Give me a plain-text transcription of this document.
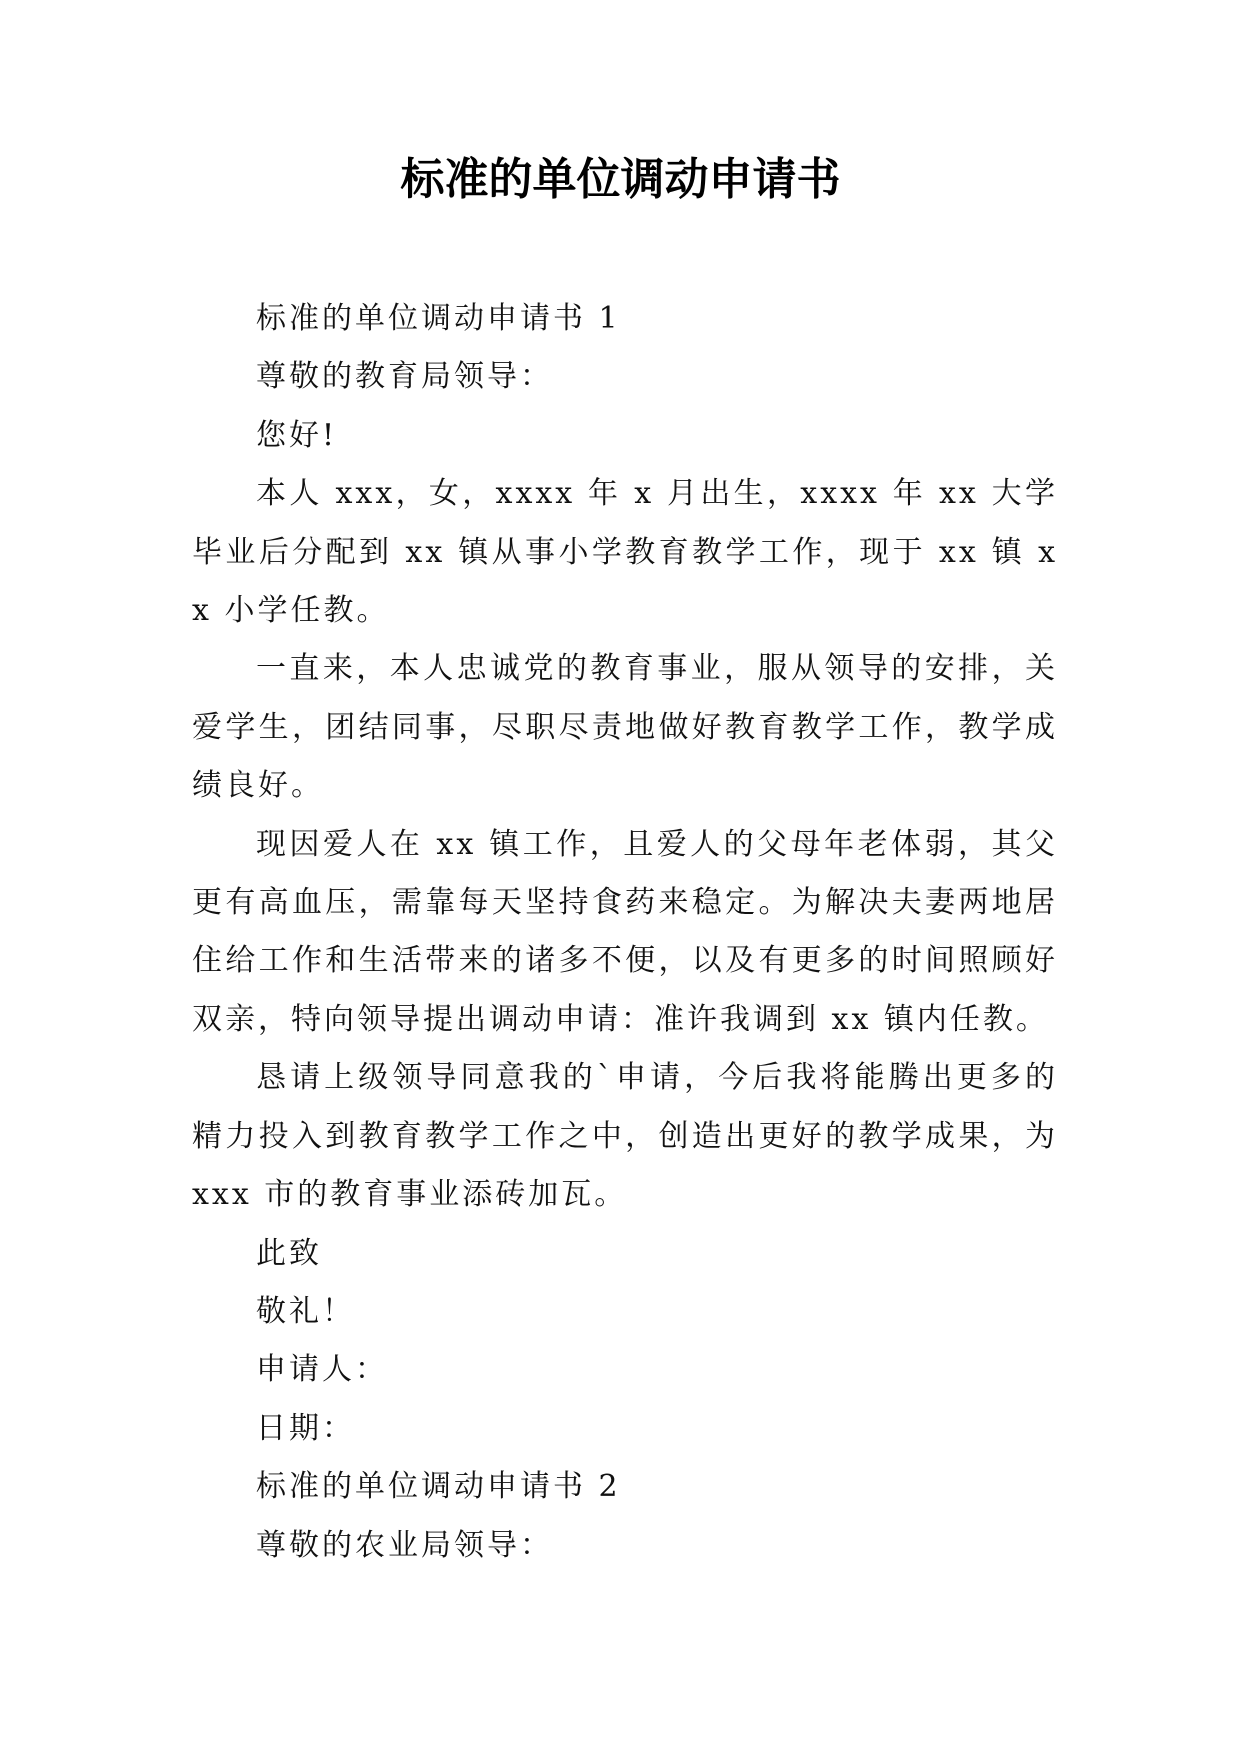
标准的单位调动申请书

标准的单位调动申请书 1

尊敬的教育局领导：

您好!

本人 xxx，女，xxxx 年 x 月出生，xxxx 年 xx 大学毕业后分配到 xx 镇从事小学教育教学工作，现于 xx 镇 xx 小学任教。

一直来，本人忠诚党的教育事业，服从领导的安排，关爱学生，团结同事，尽职尽责地做好教育教学工作，教学成绩良好。

现因爱人在 xx 镇工作，且爱人的父母年老体弱，其父更有高血压，需靠每天坚持食药来稳定。为解决夫妻两地居住给工作和生活带来的诸多不便，以及有更多的时间照顾好双亲，特向领导提出调动申请：准许我调到 xx 镇内任教。

恳请上级领导同意我的`申请，今后我将能腾出更多的精力投入到教育教学工作之中，创造出更好的教学成果，为 xxx 市的教育事业添砖加瓦。

此致

敬礼！

申请人：

日期：

标准的单位调动申请书 2

尊敬的农业局领导：
